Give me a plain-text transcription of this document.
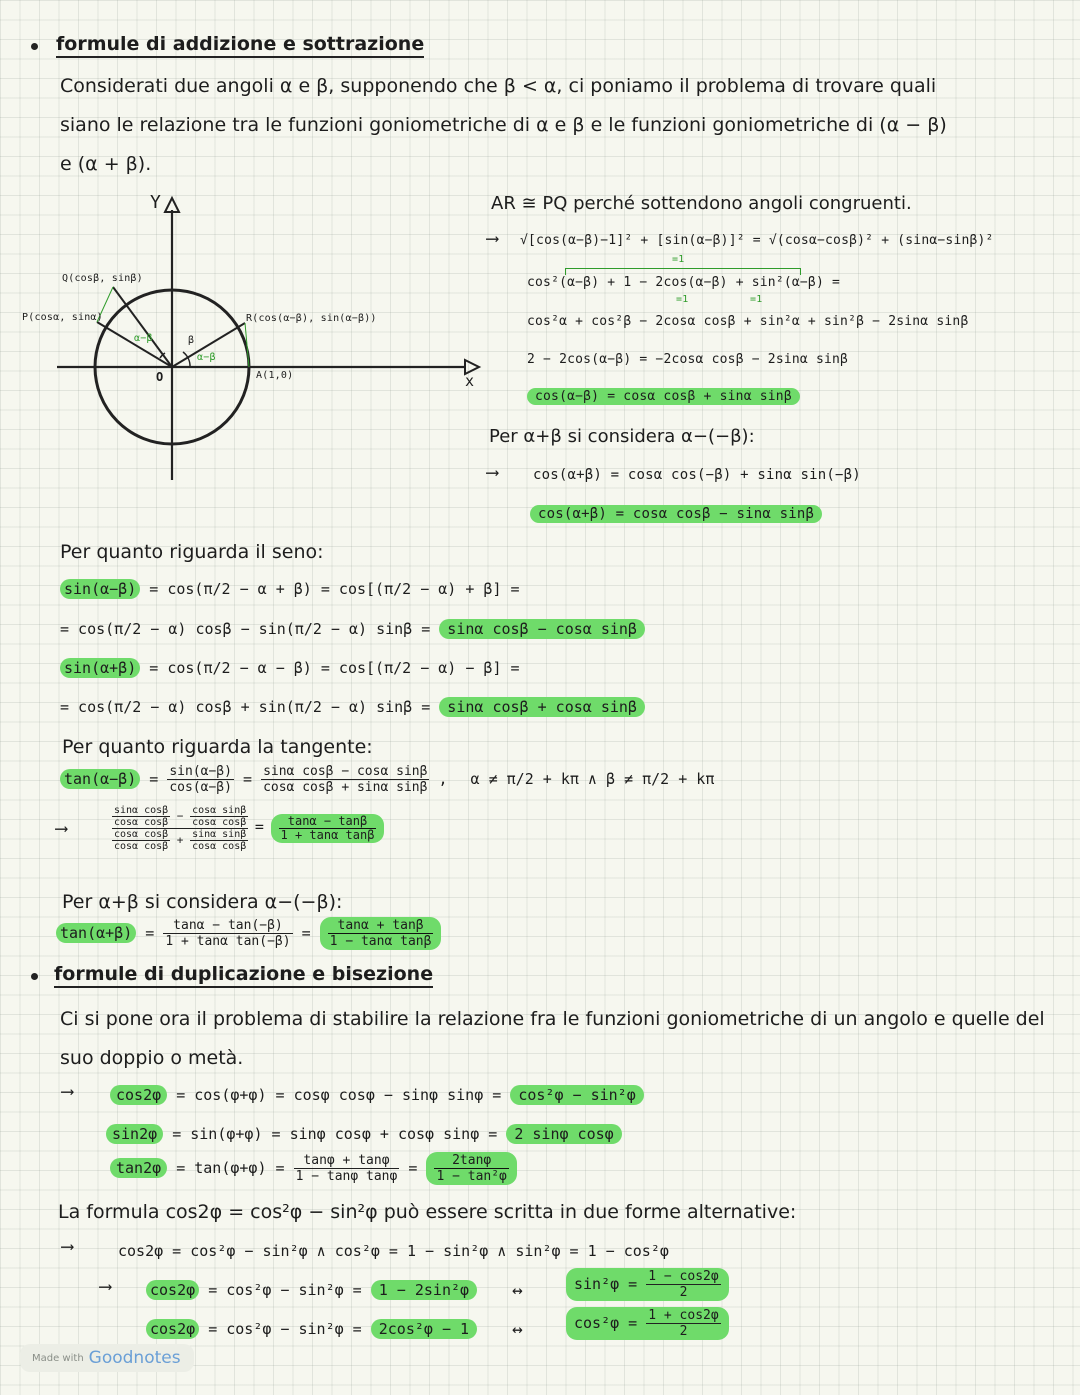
formule di addizione e sottrazione
Considerati due angoli α e β, supponendo che β < α, ci poniamo il problema di trovare quali
siano le relazione tra le funzioni goniometriche di α e β e le funzioni goniometriche di (α − β)
e (α + β).
Y
x
O
Q(cosβ, sinβ)
P(cosα, sinα)	R(cos(α−β), sin(α−β))
A(1,0)
α−β
α−β
β
AR ≅ PQ perché sottendono angoli congruenti.
⟶ √[cos(α−β)−1]² + [sin(α−β)]² = √(cosα−cosβ)² + (sinα−sinβ)²
=1
cos²(α−β) + 1 − 2cos(α−β) + sin²(α−β) =
=1	=1
cos²α + cos²β − 2cosα cosβ + sin²α + sin²β − 2sinα sinβ
2 − 2cos(α−β) = −2cosα cosβ − 2sinα sinβ
cos(α−β) = cosα cosβ + sinα sinβ
Per α+β si considera α−(−β):
⟶ cos(α+β) = cosα cos(−β) + sinα sin(−β)
cos(α+β) = cosα cosβ − sinα sinβ
Per quanto riguarda il seno:
sin(α−β) = cos(π/2 − α + β) = cos[(π/2 − α) + β] =
= cos(π/2 − α) cosβ − sin(π/2 − α) sinβ = sinα cosβ − cosα sinβ
sin(α+β) = cos(π/2 − α − β) = cos[(π/2 − α) − β] =
= cos(π/2 − α) cosβ + sin(π/2 − α) sinβ = sinα cosβ + cosα sinβ
Per quanto riguarda la tangente:
$\tan(\alpha-\beta) = \frac{\sin(\alpha-\beta)}{\cos(\alpha-\beta)} = \frac{\text{sinα cosβ − cosα sinβ}}{\text{cosα cosβ + sinα sinβ}}$ , α ≠ π/2 + kπ ∧ β ≠ π/2 + kπ
⟶	$\frac{\frac{\text{sinα cosβ}}{\text{cosα cosβ}} - \frac{\text{cosα sinβ}}{\text{cosα cosβ}}}{\frac{\text{cosα cosβ}}{\text{cosα cosβ}} + \frac{\text{sinα sinβ}}{\text{cosα cosβ}}} = \frac{\tan\alpha - \tan\beta}{\text{1 + tanα tanβ}}$
Per α+β si considera α−(−β):
$\tan(\alpha+\beta) = \frac{\tan\alpha - \tan(-\beta)}{\text{1 + tanα tan(−β)}} = \frac{\tan\alpha + \tan\beta}{\text{1 − tanα tanβ}}$
formule di duplicazione e bisezione
Ci si pone ora il problema di stabilire la relazione fra le funzioni goniometriche di un angolo e quelle del
suo doppio o metà.
⟶	cos2φ = cos(φ+φ) = cosφ cosφ − sinφ sinφ = cos²φ − sin²φ
sin2φ = sin(φ+φ) = sinφ cosφ + cosφ sinφ = 2 sinφ cosφ
$\tan 2\varphi = \tan(\varphi+\varphi) = \frac{\tan\varphi + \tan\varphi}{\text{1 − tanφ tanφ}} = \frac{2\tan\varphi}{\text{1 − tan²φ}}$
La formula cos2φ = cos²φ − sin²φ può essere scritta in due forme alternative:
⟶	cos2φ = cos²φ − sin²φ ∧ cos²φ = 1 − sin²φ ∧ sin²φ = 1 − cos²φ
⟶	cos2φ = cos²φ − sin²φ = 1 − 2sin²φ	↔	$\sin^2\varphi = \frac{1 - \cos 2\varphi}{2}$
cos2φ = cos²φ − sin²φ = 2cos²φ − 1	↔	$\cos^2\varphi = \frac{1 + \cos 2\varphi}{2}$
Made with Goodnotes
